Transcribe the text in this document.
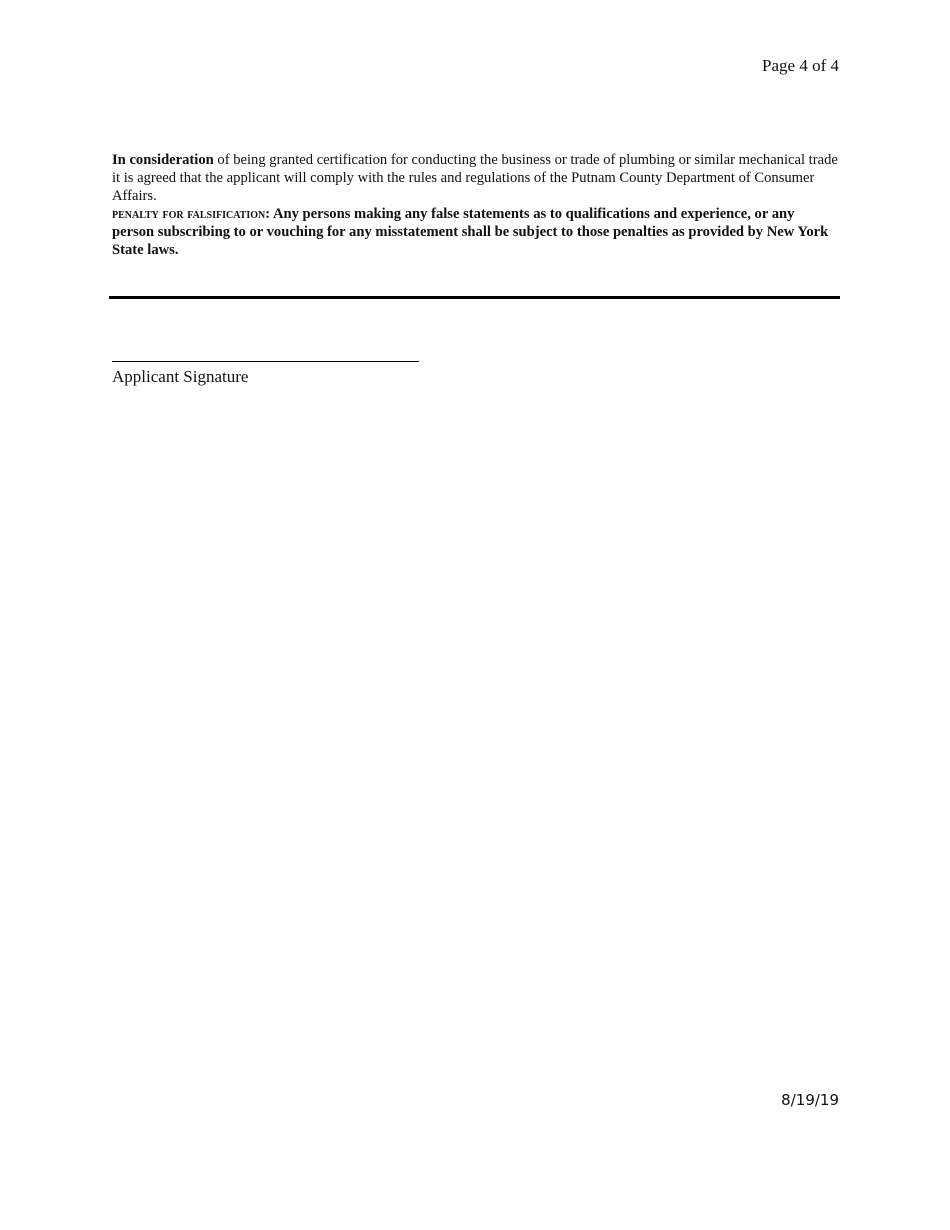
Page 4 of 4

In consideration of being granted certification for conducting the business or trade of plumbing or similar mechanical trade it is agreed that the applicant will comply with the rules and regulations of the Putnam County Department of Consumer Affairs.

penalty for falsification: Any persons making any false statements as to qualifications and experience, or any person subscribing to or vouching for any misstatement shall be subject to those penalties as provided by New York State laws.

Applicant Signature
8/19/19
